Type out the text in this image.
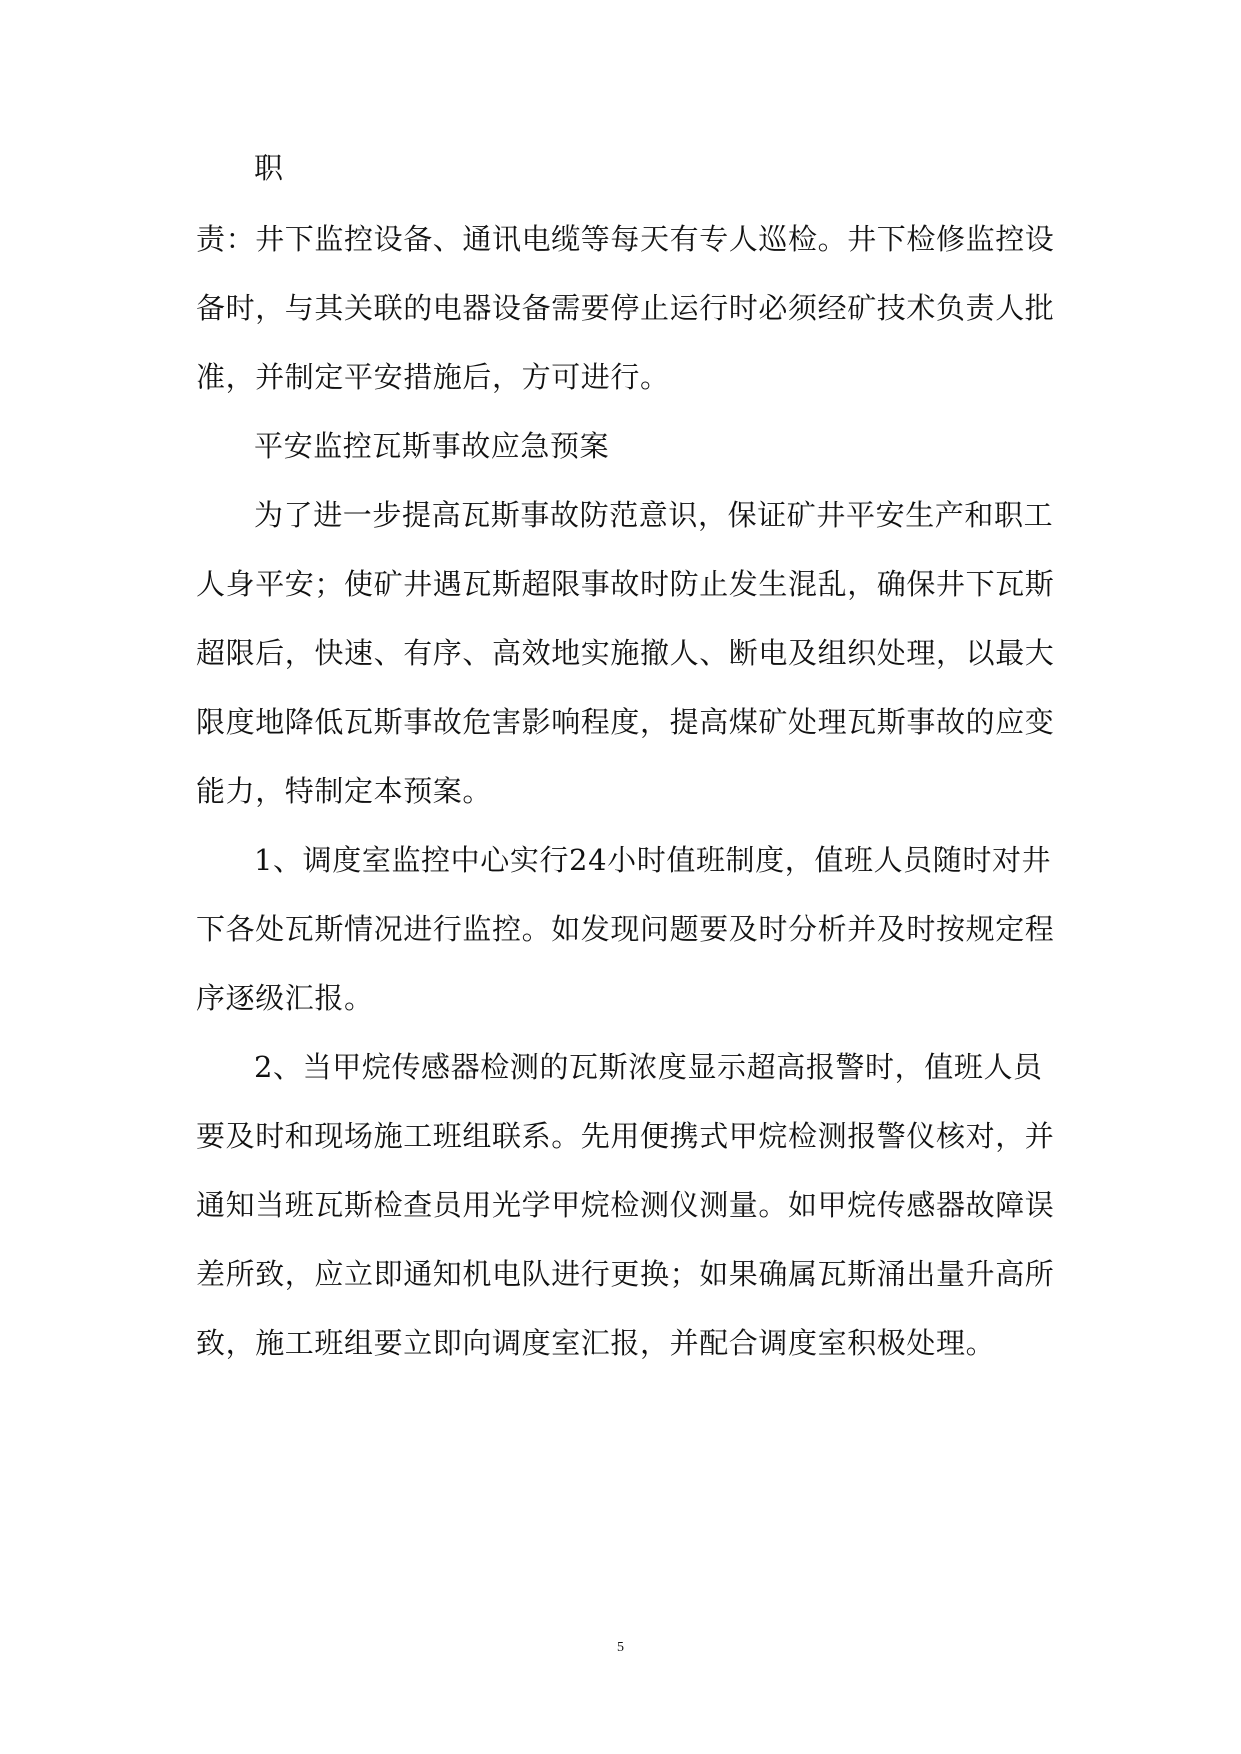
职
责：井下监控设备、通讯电缆等每天有专人巡检。井下检修监控设
备时，与其关联的电器设备需要停止运行时必须经矿技术负责人批
准，并制定平安措施后，方可进行。
平安监控瓦斯事故应急预案
为了进一步提高瓦斯事故防范意识，保证矿井平安生产和职工
人身平安；使矿井遇瓦斯超限事故时防止发生混乱，确保井下瓦斯
超限后，快速、有序、高效地实施撤人、断电及组织处理，以最大
限度地降低瓦斯事故危害影响程度，提高煤矿处理瓦斯事故的应变
能力，特制定本预案。
1、调度室监控中心实行24小时值班制度，值班人员随时对井
下各处瓦斯情况进行监控。如发现问题要及时分析并及时按规定程
序逐级汇报。
2、当甲烷传感器检测的瓦斯浓度显示超高报警时，值班人员
要及时和现场施工班组联系。先用便携式甲烷检测报警仪核对，并
通知当班瓦斯检查员用光学甲烷检测仪测量。如甲烷传感器故障误
差所致，应立即通知机电队进行更换；如果确属瓦斯涌出量升高所
致，施工班组要立即向调度室汇报，并配合调度室积极处理。
5
